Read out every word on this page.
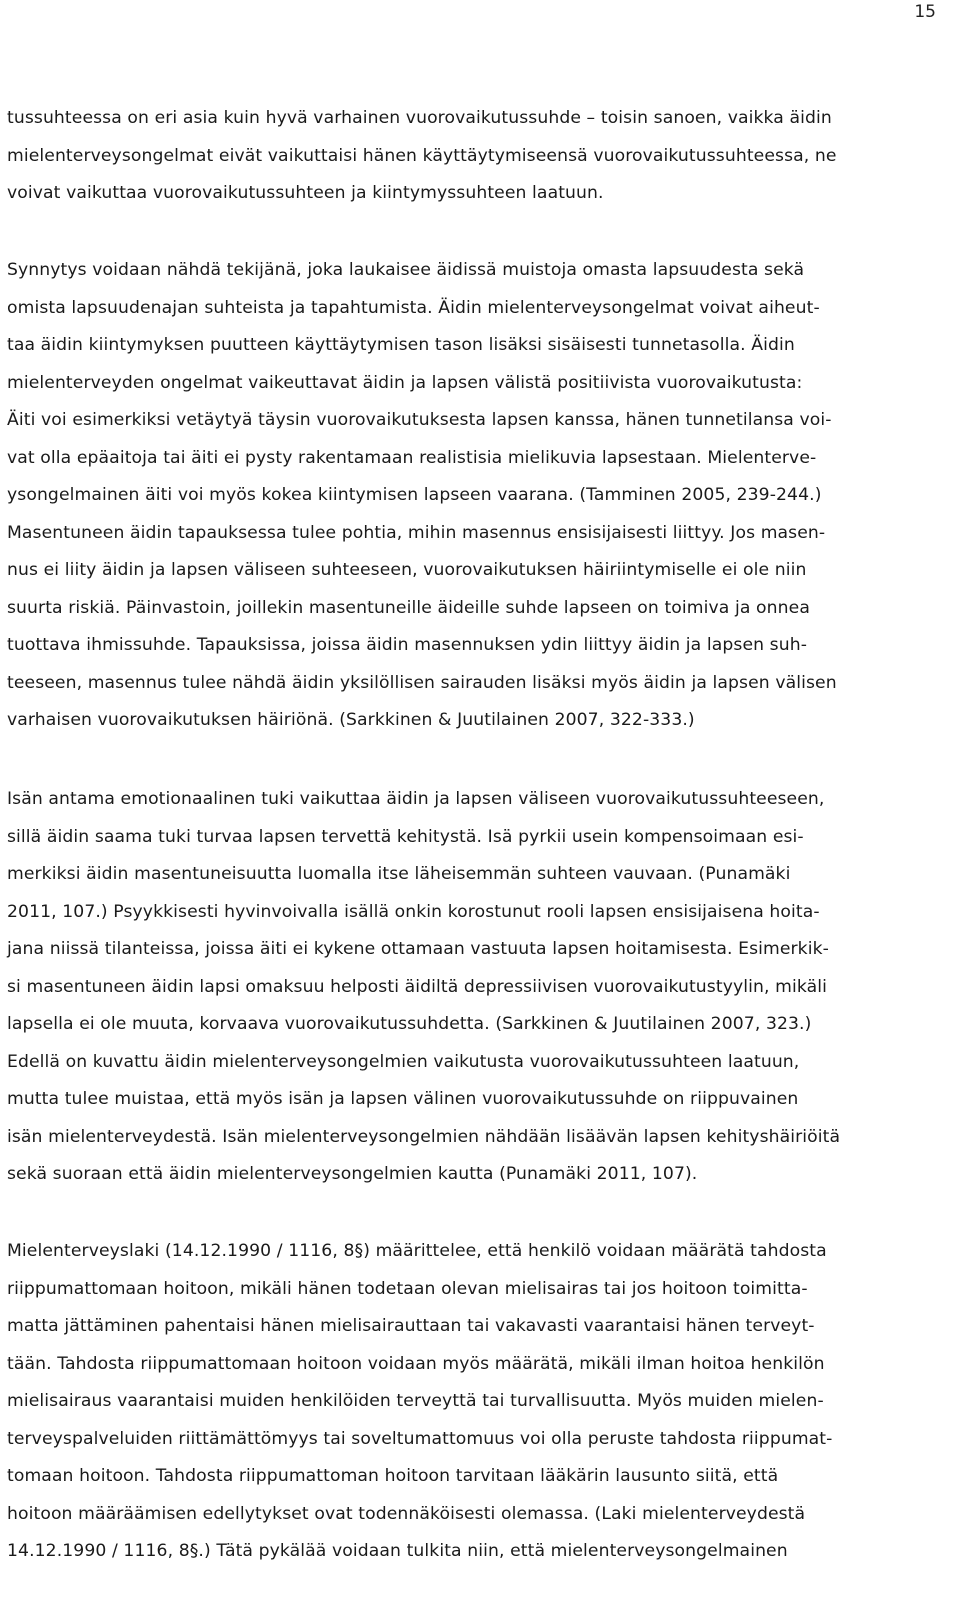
15
tussuhteessa on eri asia kuin hyvä varhainen vuorovaikutussuhde – toisin sanoen, vaikka äidin
mielenterveysongelmat eivät vaikuttaisi hänen käyttäytymiseensä vuorovaikutussuhteessa, ne
voivat vaikuttaa vuorovaikutussuhteen ja kiintymyssuhteen laatuun.
Synnytys voidaan nähdä tekijänä, joka laukaisee äidissä muistoja omasta lapsuudesta sekä
omista lapsuudenajan suhteista ja tapahtumista. Äidin mielenterveysongelmat voivat aiheut-
taa äidin kiintymyksen puutteen käyttäytymisen tason lisäksi sisäisesti tunnetasolla. Äidin
mielenterveyden ongelmat vaikeuttavat äidin ja lapsen välistä positiivista vuorovaikutusta:
Äiti voi esimerkiksi vetäytyä täysin vuorovaikutuksesta lapsen kanssa, hänen tunnetilansa voi-
vat olla epäaitoja tai äiti ei pysty rakentamaan realistisia mielikuvia lapsestaan. Mielenterve-
ysongelmainen äiti voi myös kokea kiintymisen lapseen vaarana. (Tamminen 2005, 239-244.)
Masentuneen äidin tapauksessa tulee pohtia, mihin masennus ensisijaisesti liittyy. Jos masen-
nus ei liity äidin ja lapsen väliseen suhteeseen, vuorovaikutuksen häiriintymiselle ei ole niin
suurta riskiä. Päinvastoin, joillekin masentuneille äideille suhde lapseen on toimiva ja onnea
tuottava ihmissuhde. Tapauksissa, joissa äidin masennuksen ydin liittyy äidin ja lapsen suh-
teeseen, masennus tulee nähdä äidin yksilöllisen sairauden lisäksi myös äidin ja lapsen välisen
varhaisen vuorovaikutuksen häiriönä. (Sarkkinen & Juutilainen 2007, 322-333.)
Isän antama emotionaalinen tuki vaikuttaa äidin ja lapsen väliseen vuorovaikutussuhteeseen,
sillä äidin saama tuki turvaa lapsen tervettä kehitystä. Isä pyrkii usein kompensoimaan esi-
merkiksi äidin masentuneisuutta luomalla itse läheisemmän suhteen vauvaan. (Punamäki
2011, 107.) Psyykkisesti hyvinvoivalla isällä onkin korostunut rooli lapsen ensisijaisena hoita-
jana niissä tilanteissa, joissa äiti ei kykene ottamaan vastuuta lapsen hoitamisesta. Esimerkik-
si masentuneen äidin lapsi omaksuu helposti äidiltä depressiivisen vuorovaikutustyylin, mikäli
lapsella ei ole muuta, korvaava vuorovaikutussuhdetta. (Sarkkinen & Juutilainen 2007, 323.)
Edellä on kuvattu äidin mielenterveysongelmien vaikutusta vuorovaikutussuhteen laatuun,
mutta tulee muistaa, että myös isän ja lapsen välinen vuorovaikutussuhde on riippuvainen
isän mielenterveydestä. Isän mielenterveysongelmien nähdään lisäävän lapsen kehityshäiriöitä
sekä suoraan että äidin mielenterveysongelmien kautta (Punamäki 2011, 107).
Mielenterveyslaki (14.12.1990 / 1116, 8§) määrittelee, että henkilö voidaan määrätä tahdosta
riippumattomaan hoitoon, mikäli hänen todetaan olevan mielisairas tai jos hoitoon toimitta-
matta jättäminen pahentaisi hänen mielisairauttaan tai vakavasti vaarantaisi hänen terveyt-
tään. Tahdosta riippumattomaan hoitoon voidaan myös määrätä, mikäli ilman hoitoa henkilön
mielisairaus vaarantaisi muiden henkilöiden terveyttä tai turvallisuutta. Myös muiden mielen-
terveyspalveluiden riittämättömyys tai soveltumattomuus voi olla peruste tahdosta riippumat-
tomaan hoitoon. Tahdosta riippumattoman hoitoon tarvitaan lääkärin lausunto siitä, että
hoitoon määräämisen edellytykset ovat todennäköisesti olemassa. (Laki mielenterveydestä
14.12.1990 / 1116, 8§.) Tätä pykälää voidaan tulkita niin, että mielenterveysongelmainen
